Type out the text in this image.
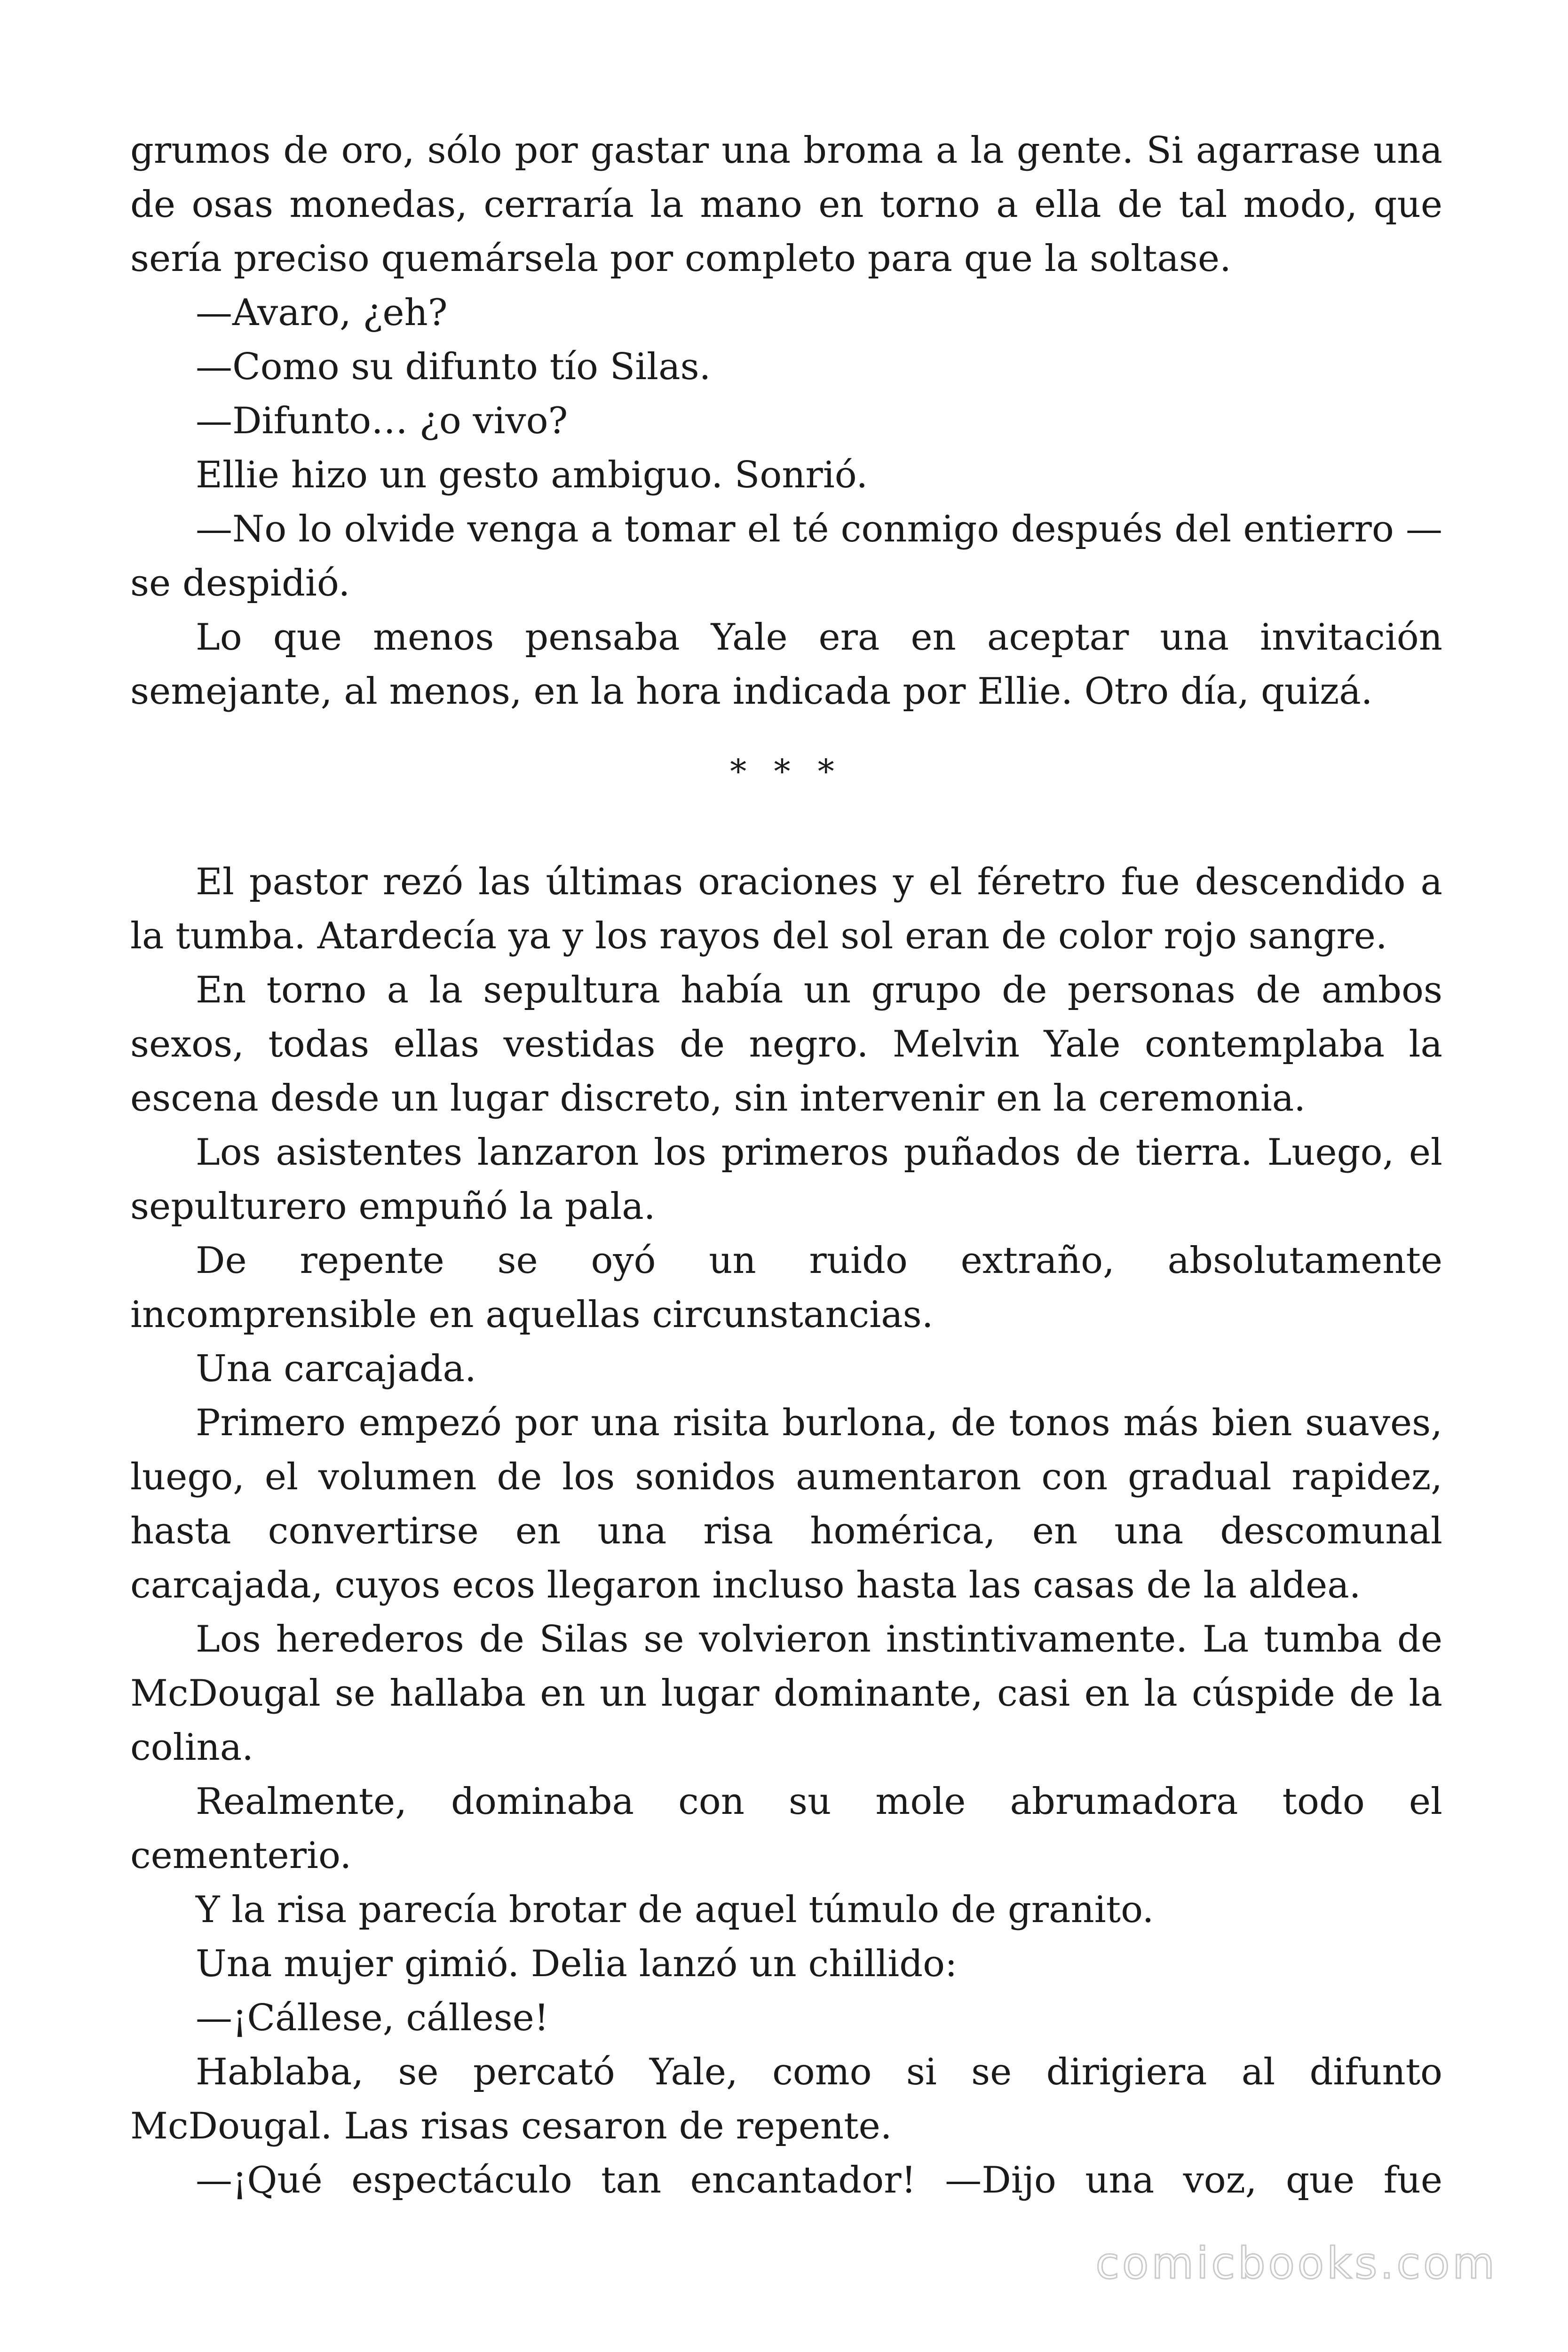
grumos de oro, sólo por gastar una broma a la gente. Si agarrase una de osas monedas, cerraría la mano en torno a ella de tal modo, que sería preciso quemársela por completo para que la soltase.

—Avaro, ¿eh?

—Como su difunto tío Silas.

—Difunto… ¿o vivo?

Ellie hizo un gesto ambiguo. Sonrió.

—No lo olvide venga a tomar el té conmigo después del entierro —se despidió.

Lo que menos pensaba Yale era en aceptar una invitación semejante, al menos, en la hora indicada por Ellie. Otro día, quizá.

* * *

El pastor rezó las últimas oraciones y el féretro fue descendido a la tumba. Atardecía ya y los rayos del sol eran de color rojo sangre.

En torno a la sepultura había un grupo de personas de ambos sexos, todas ellas vestidas de negro. Melvin Yale contemplaba la escena desde un lugar discreto, sin intervenir en la ceremonia.

Los asistentes lanzaron los primeros puñados de tierra. Luego, el sepulturero empuñó la pala.

De repente se oyó un ruido extraño, absolutamente incomprensible en aquellas circunstancias.

Una carcajada.

Primero empezó por una risita burlona, de tonos más bien suaves, luego, el volumen de los sonidos aumentaron con gradual rapidez, hasta convertirse en una risa homérica, en una descomunal carcajada, cuyos ecos llegaron incluso hasta las casas de la aldea.

Los herederos de Silas se volvieron instintivamente. La tumba de McDougal se hallaba en un lugar dominante, casi en la cúspide de la colina.

Realmente, dominaba con su mole abrumadora todo el cementerio.

Y la risa parecía brotar de aquel túmulo de granito.

Una mujer gimió. Delia lanzó un chillido:

—¡Cállese, cállese!

Hablaba, se percató Yale, como si se dirigiera al difunto McDougal. Las risas cesaron de repente.

—¡Qué espectáculo tan encantador! —Dijo una voz, que fue

comicbooks.com
